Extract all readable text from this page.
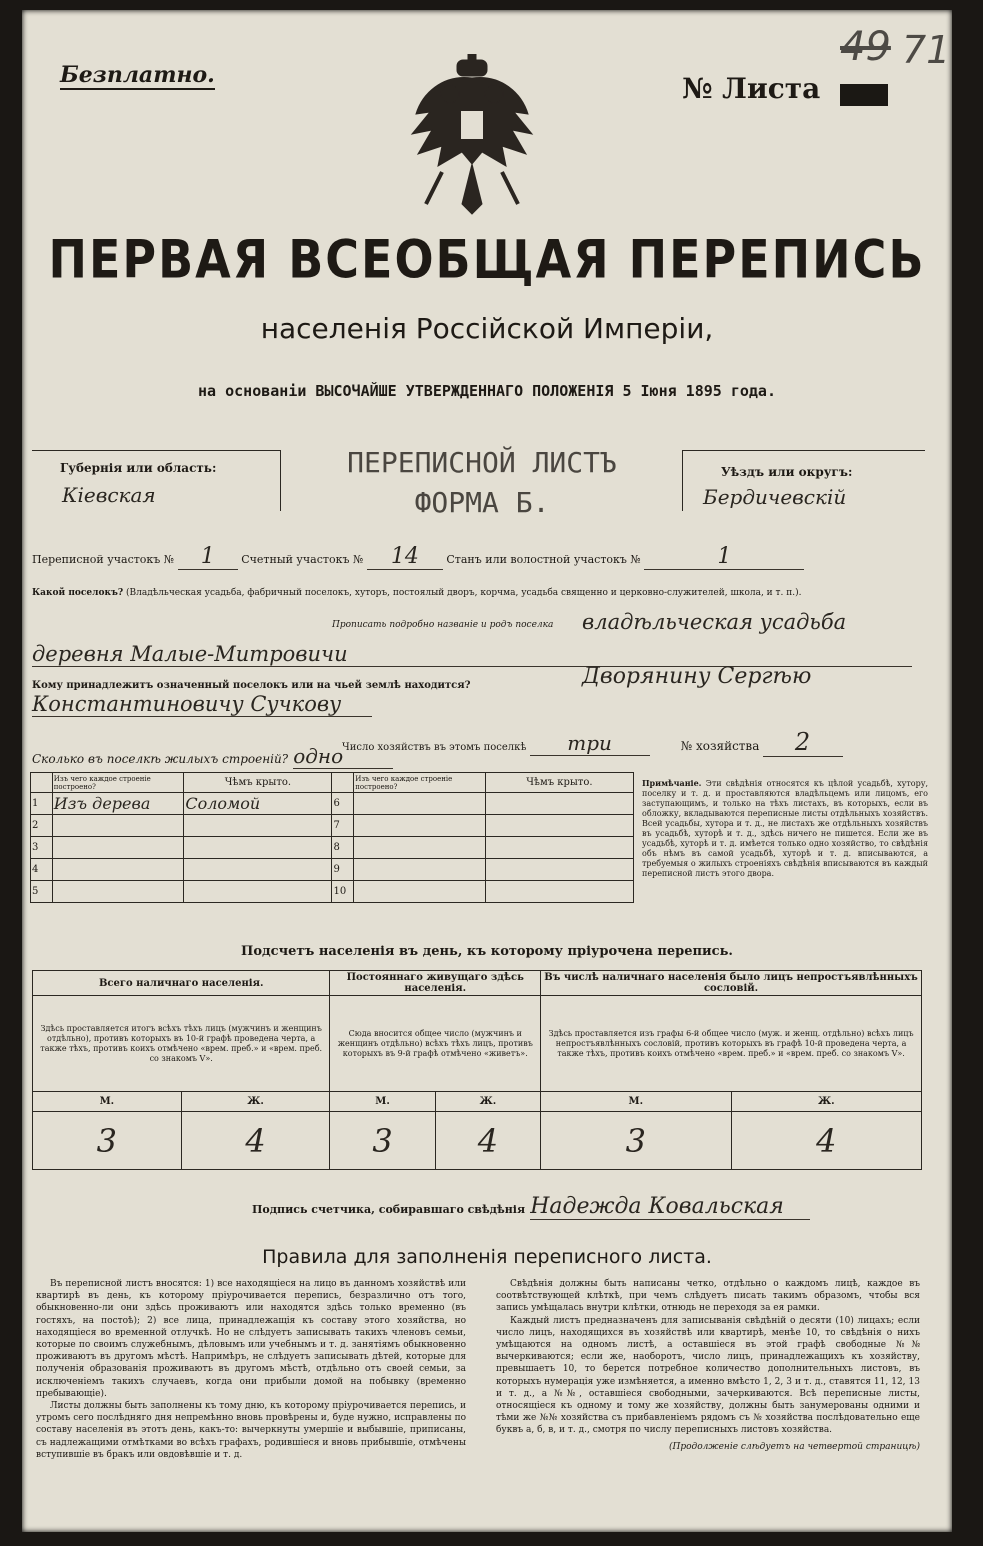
Безплатно.	№ Листа
49 71
ПЕРВАЯ ВСЕОБЩАЯ ПЕРЕПИСЬ
населенія Россійской Имперіи,
на основаніи ВЫСОЧАЙШЕ УТВЕРЖДЕННАГО ПОЛОЖЕНІЯ 5 Іюня 1895 года.
Губернія или область:
Кіевская
ПЕРЕПИСНОЙ ЛИСТЪ
ФОРМА Б.
Уѣздъ или округъ:
Бердичевскій
Переписной участокъ № 1 Счетный участокъ № 14	Станъ или волостной участокъ №	1
Какой поселокъ? (Владѣльческая усадьба, фабричный поселокъ, хуторъ, постоялый дворъ, корчма, усадьба священно и церковно-служителей, школа, и т. п.).
Прописать подробно названіе и родъ поселка владѣльческая усадьба
деревня Малые-Митровичи
Кому принадлежитъ означенный поселокъ или на чьей землѣ находится?	Дворянину Сергѣю
Константиновичу Сучкову
Число хозяйствъ въ этомъ поселкѣ три	№ хозяйства 2
Сколько въ поселкѣ жилыхъ строеній? одно
	Изъ чего каждое строеніе построено?	Чѣмъ крыто.		Изъ чего каждое строеніе построено?	Чѣмъ крыто.
1	Изъ дерева	Соломой	6		
2			7		
3			8		
4			9		
5			10		
Примѣчаніе. Эти свѣдѣнія относятся къ цѣлой усадьбѣ, хутору, поселку и т. д. и проставляются владѣльцемъ или лицомъ, его заступающимъ, и только на тѣхъ листахъ, въ которыхъ, если въ обложку, вкладываются переписные листы отдѣльныхъ хозяйствъ. Всей усадьбы, хутора и т. д., не листахъ же отдѣльныхъ хозяйствъ въ усадьбѣ, хуторѣ и т. д., здѣсь ничего не пишется. Если же въ усадьбѣ, хуторѣ и т. д. имѣется только одно хозяйство, то свѣдѣнія объ нѣмъ въ самой усадьбѣ, хуторѣ и т. д. вписываются, а требуемыя о жилыхъ строеніяхъ свѣдѣнія вписываются въ каждый переписной листъ этого двора.
Подсчетъ населенія въ день, къ которому пріурочена перепись.
Всего наличнаго населенія.		Постояннаго живущаго здѣсь населенія.		Въ числѣ наличнаго населенія было лицъ непростъявлѣнныхъ сословій.	
Здѣсь проставляется итогъ всѣхъ тѣхъ лицъ (мужчинъ и женщинъ отдѣльно), противъ которыхъ въ 10-й графѣ проведена черта, а также тѣхъ, противъ коихъ отмѣчено «врем. преб.» и «врем. преб. со знакомъ V».		Сюда вносится общее число (мужчинъ и женщинъ отдѣльно) всѣхъ тѣхъ лицъ, противъ которыхъ въ 9-й графѣ отмѣчено «живетъ».		Здѣсь проставляется изъ графы 6-й общее число (муж. и женщ. отдѣльно) всѣхъ лицъ непростъявлѣнныхъ сословій, противъ которыхъ въ графѣ 10-й проведена черта, а также тѣхъ, противъ коихъ отмѣчено «врем. преб.» и «врем. преб. со знакомъ V».	
М.	Ж.	М.	Ж.	М.	Ж.
3	4	3	4	3	4
Подпись счетчика, собиравшаго свѣдѣнія Надежда Ковальская
Правила для заполненія переписного листа.

Въ переписной листъ вносятся: 1) все находящіеся на лицо въ данномъ хозяйствѣ или квартирѣ въ день, къ которому пріурочивается перепись, безразлично отъ того, обыкновенно-ли они здѣсь проживаютъ или находятся здѣсь только временно (въ гостяхъ, на постоѣ); 2) все лица, принадлежащія къ составу этого хозяйства, но находящіеся во временной отлучкѣ. Но не слѣдуетъ записывать такихъ членовъ семьи, которые по своимъ служебнымъ, дѣловымъ или учебнымъ и т. д. занятіямъ обыкновенно проживаютъ въ другомъ мѣстѣ. Напримѣръ, не слѣдуетъ записывать дѣтей, которые для полученія образованія проживаютъ въ другомъ мѣстѣ, отдѣльно отъ своей семьи, за исключеніемъ такихъ случаевъ, когда они прибыли домой на побывку (временно пребывающіе).

Листы должны быть заполнены къ тому дню, къ которому пріурочивается перепись, и утромъ сего послѣдняго дня непремѣнно вновь провѣрены и, буде нужно, исправлены по составу населенія въ этотъ день, какъ-то: вычеркнуты умершіе и выбывшіе, приписаны, съ надлежащими отмѣтками во всѣхъ графахъ, родившіеся и вновь прибывшіе, отмѣчены вступившіе въ бракъ или овдовѣвшіе и т. д.

Свѣдѣнія должны быть написаны четко, отдѣльно о каждомъ лицѣ, каждое въ соотвѣтствующей клѣткѣ, при чемъ слѣдуетъ писать такимъ образомъ, чтобы вся запись умѣщалась внутри клѣтки, отнюдь не переходя за ея рамки.

Каждый листъ предназначенъ для записыванія свѣдѣній о десяти (10) лицахъ; если число лицъ, находящихся въ хозяйствѣ или квартирѣ, менѣе 10, то свѣдѣнія о нихъ умѣщаются на одномъ листѣ, а оставшіеся въ этой графѣ свободные №№ вычеркиваются; если же, наоборотъ, число лицъ, принадлежащихъ къ хозяйству, превышаетъ 10, то берется потребное количество дополнительныхъ листовъ, въ которыхъ нумерація уже измѣняется, а именно вмѣсто 1, 2, 3 и т. д., ставятся 11, 12, 13 и т. д., а №№, оставшіеся свободными, зачеркиваются. Всѣ переписные листы, относящіеся къ одному и тому же хозяйству, должны быть занумерованы одними и тѣми же №№ хозяйства съ прибавленіемъ рядомъ съ № хозяйства послѣдовательно еще буквъ а, б, в, и т. д., смотря по числу переписныхъ листовъ хозяйства.

(Продолженіе слѣдуетъ на четвертой страницѣ)
